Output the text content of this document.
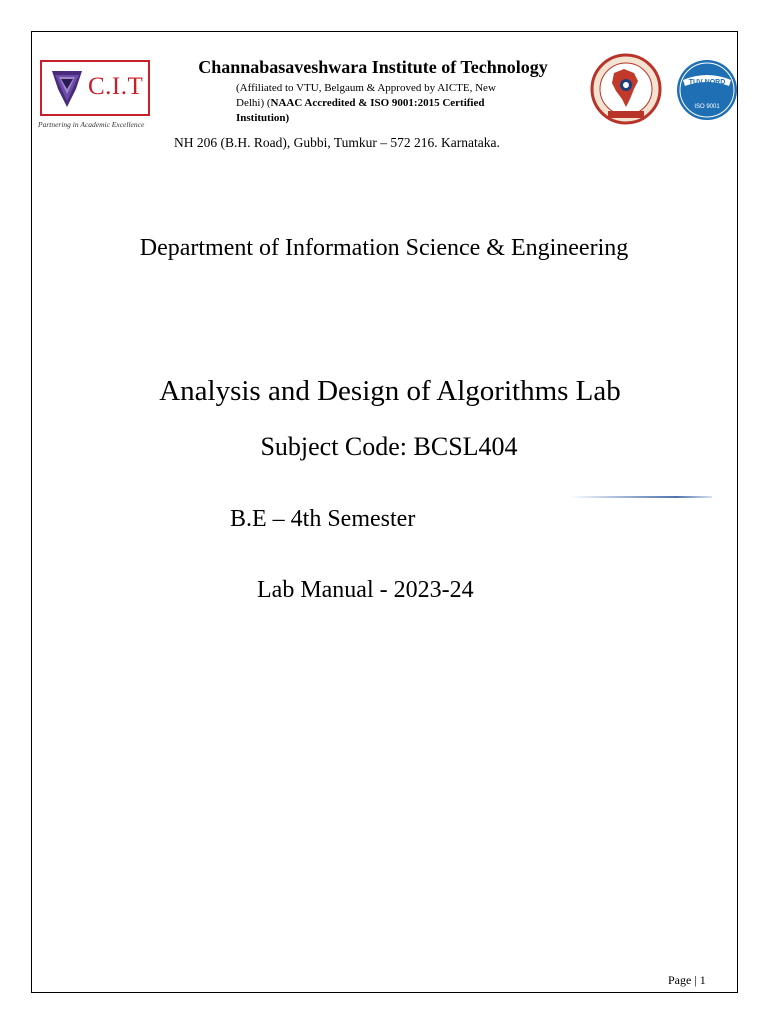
C.I.T
Partnering in Academic Excellence
Channabasaveshwara Institute of Technology
(Affiliated to VTU, Belgaum & Approved by AICTE, New
Delhi) (NAAC Accredited & ISO 9001:2015 Certified
Institution)
NH 206 (B.H. Road), Gubbi, Tumkur – 572 216. Karnataka.
NAAC
TUV NORD
ISO 9001
Department of Information Science & Engineering
Analysis and Design of Algorithms Lab
Subject Code: BCSL404
B.E – 4th Semester
Lab Manual - 2023-24
Page | 1
